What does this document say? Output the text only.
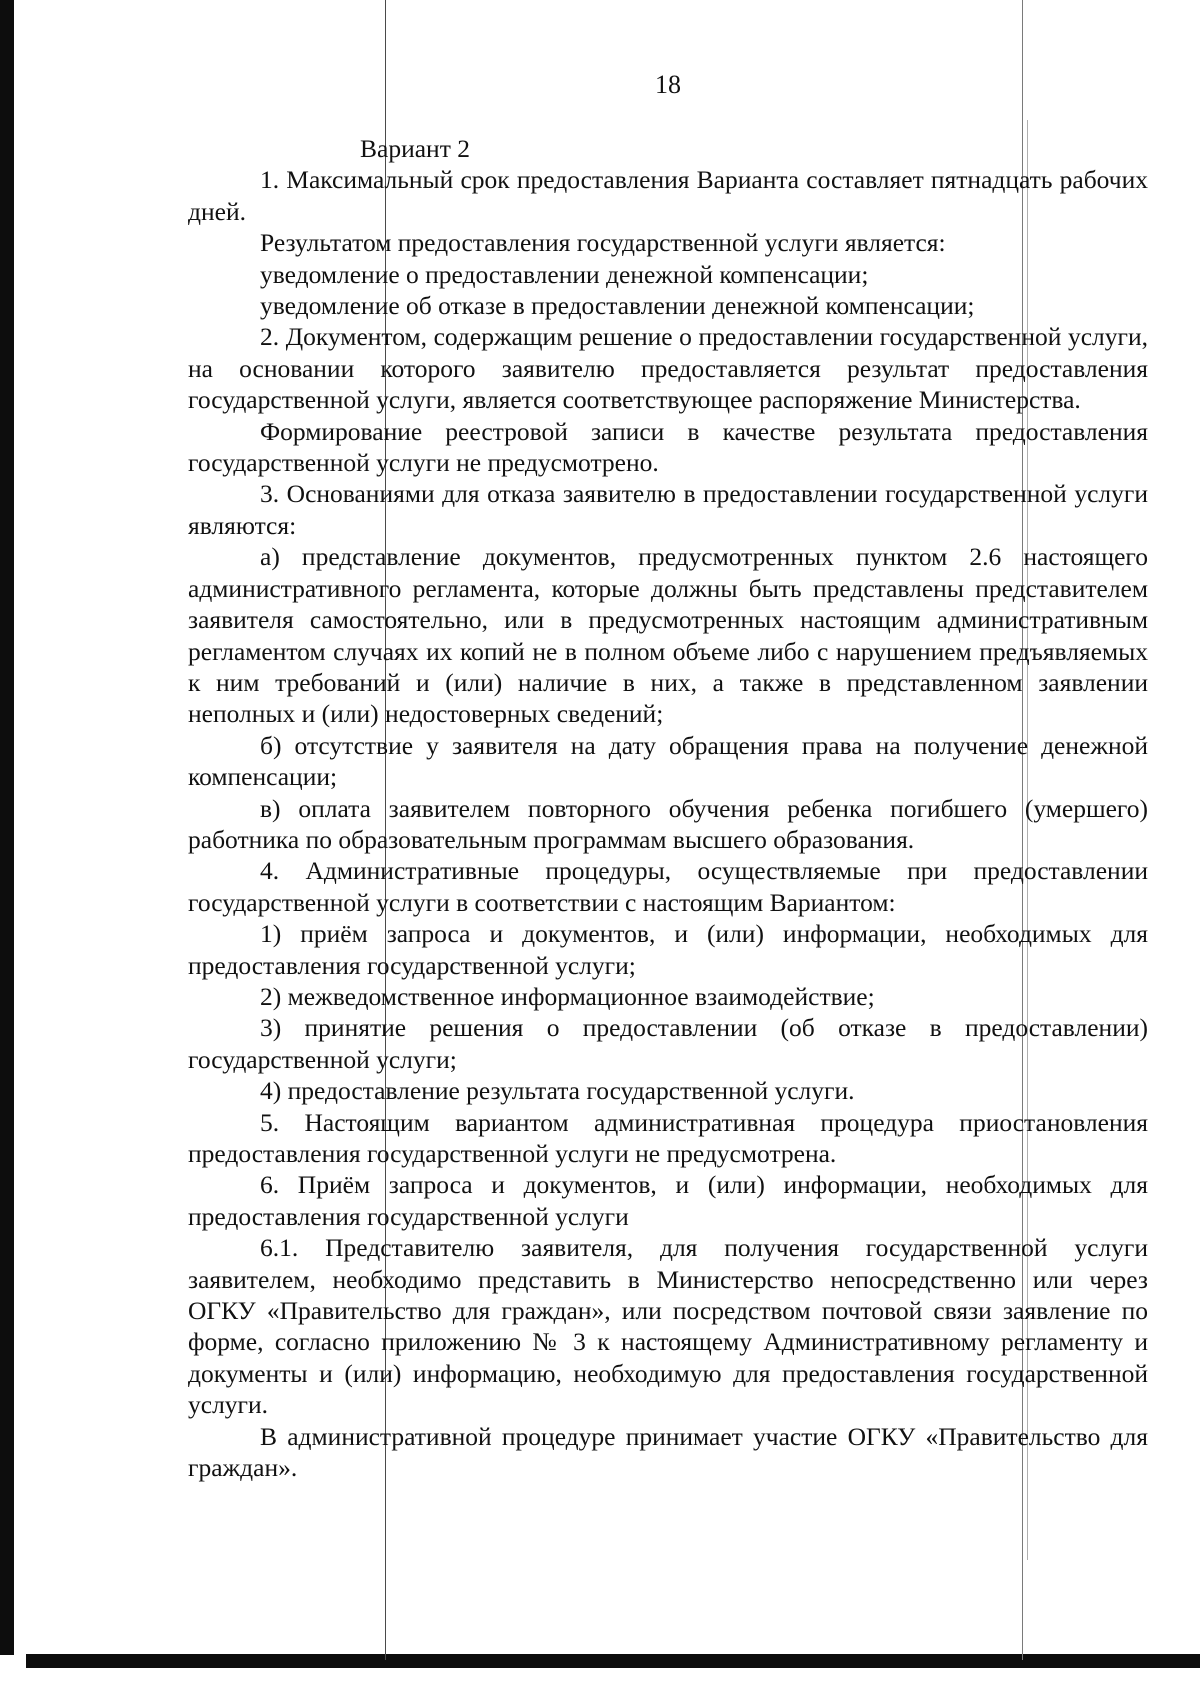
18

Вариант 2

1. Максимальный срок предоставления Варианта составляет пятнадцать рабочих дней.

Результатом предоставления государственной услуги является:

уведомление о предоставлении денежной компенсации;

уведомление об отказе в предоставлении денежной компенсации;

2. Документом, содержащим решение о предоставлении государственной услуги, на основании которого заявителю предоставляется результат предоставления государственной услуги, является соответствующее распоряжение Министерства.

Формирование реестровой записи в качестве результата предоставления государственной услуги не предусмотрено.

3. Основаниями для отказа заявителю в предоставлении государственной услуги являются:

а) представление документов, предусмотренных пунктом 2.6 настоящего административного регламента, которые должны быть представлены представителем заявителя самостоятельно, или в предусмотренных настоящим административным регламентом случаях их копий не в полном объеме либо с нарушением предъявляемых к ним требований и (или) наличие в них, а также в представленном заявлении неполных и (или) недостоверных сведений;

б) отсутствие у заявителя на дату обращения права на получение денежной компенсации;

в) оплата заявителем повторного обучения ребенка погибшего (умершего) работника по образовательным программам высшего образования.

4. Административные процедуры, осуществляемые при предоставлении государственной услуги в соответствии с настоящим Вариантом:

1) приём запроса и документов, и (или) информации, необходимых для предоставления государственной услуги;

2) межведомственное информационное взаимодействие;

3) принятие решения о предоставлении (об отказе в предоставлении) государственной услуги;

4) предоставление результата государственной услуги.

5. Настоящим вариантом административная процедура приостановления предоставления государственной услуги не предусмотрена.

6. Приём запроса и документов, и (или) информации, необходимых для предоставления государственной услуги

6.1. Представителю заявителя, для получения государственной услуги заявителем, необходимо представить в Министерство непосредственно или через ОГКУ «Правительство для граждан», или посредством почтовой связи заявление по форме, согласно приложению № 3 к настоящему Административному регламенту и документы и (или) информацию, необходимую для предоставления государственной услуги.

В административной процедуре принимает участие ОГКУ «Правительство для граждан».
